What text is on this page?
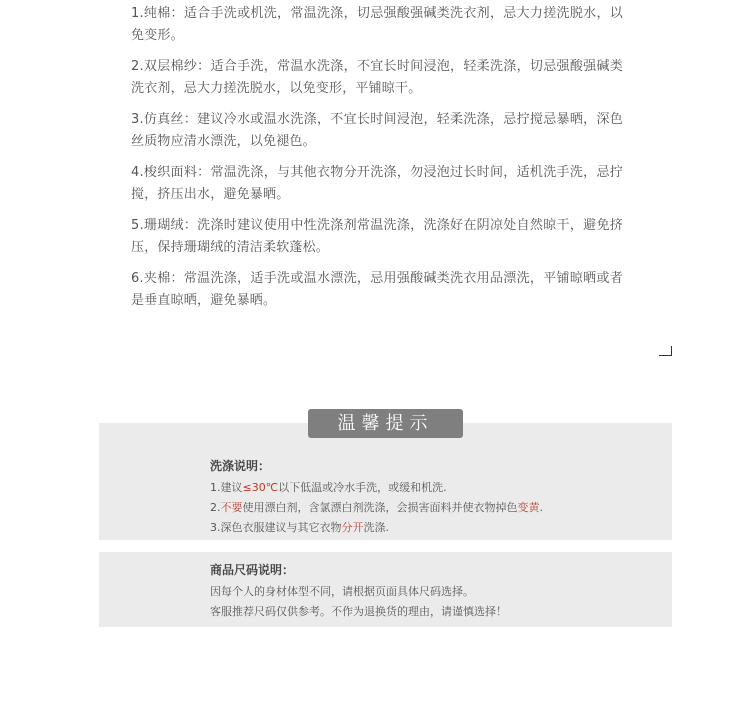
1.纯棉：适合手洗或机洗，常温洗涤，切忌强酸强碱类洗衣剂，忌大力搓洗脱水，以免变形。

2.双层棉纱：适合手洗，常温水洗涤，不宜长时间浸泡，轻柔洗涤，切忌强酸强碱类洗衣剂，忌大力搓洗脱水，以免变形，平铺晾干。

3.仿真丝：建议冷水或温水洗涤，不宜长时间浸泡，轻柔洗涤，忌拧搅忌暴晒，深色丝质物应清水漂洗，以免褪色。

4.梭织面料：常温洗涤，与其他衣物分开洗涤，勿浸泡过长时间，适机洗手洗，忌拧搅，挤压出水，避免暴晒。

5.珊瑚绒：洗涤时建议使用中性洗涤剂常温洗涤，洗涤好在阴凉处自然晾干，避免挤压，保持珊瑚绒的清洁柔软蓬松。

6.夹棉：常温洗涤，适手洗或温水漂洗，忌用强酸碱类洗衣用品漂洗，平铺晾晒或者是垂直晾晒，避免暴晒。

温馨提示
洗涤说明：
1.建议≤30℃以下低温或冷水手洗，或缓和机洗.
2.不要使用漂白剂，含氯漂白剂洗涤，会损害面料并使衣物掉色变黄.
3.深色衣服建议与其它衣物分开洗涤.
商品尺码说明：
因每个人的身材体型不同，请根据页面具体尺码选择。
客服推荐尺码仅供参考。不作为退换货的理由，请谨慎选择！
